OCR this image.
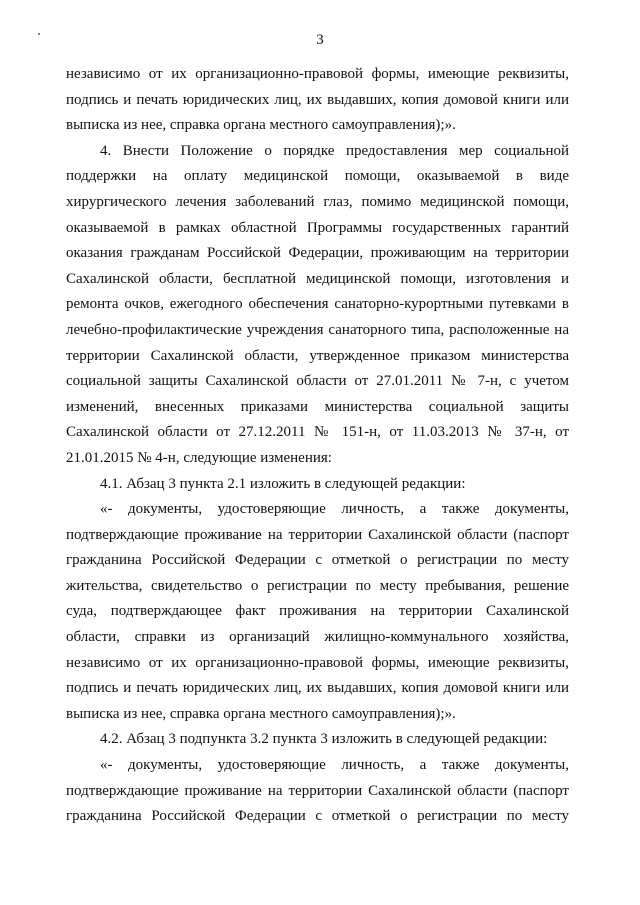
3

независимо от их организационно-правовой формы, имеющие реквизиты,

подпись и печать юридических лиц, их выдавших, копия домовой книги или

выписка из нее, справка органа местного самоуправления);».

4. Внести Положение о порядке предоставления мер социальной

поддержки на оплату медицинской помощи, оказываемой в виде

хирургического лечения заболеваний глаз, помимо медицинской помощи,

оказываемой в рамках областной Программы государственных гарантий

оказания гражданам Российской Федерации, проживающим на территории

Сахалинской области, бесплатной медицинской помощи, изготовления и

ремонта очков, ежегодного обеспечения санаторно-курортными путевками в

лечебно-профилактические учреждения санаторного типа, расположенные на

территории Сахалинской области, утвержденное приказом министерства

социальной защиты Сахалинской области от 27.01.2011 № 7-н, с учетом

изменений, внесенных приказами министерства социальной защиты

Сахалинской области от 27.12.2011 № 151-н, от 11.03.2013 № 37-н, от

21.01.2015 № 4-н, следующие изменения:

4.1. Абзац 3 пункта 2.1 изложить в следующей редакции:

«- документы, удостоверяющие личность, а также документы,

подтверждающие проживание на территории Сахалинской области (паспорт

гражданина Российской Федерации с отметкой о регистрации по месту

жительства, свидетельство о регистрации по месту пребывания, решение

суда, подтверждающее факт проживания на территории Сахалинской

области, справки из организаций жилищно-коммунального хозяйства,

независимо от их организационно-правовой формы, имеющие реквизиты,

подпись и печать юридических лиц, их выдавших, копия домовой книги или

выписка из нее, справка органа местного самоуправления);».

4.2. Абзац 3 подпункта 3.2 пункта 3 изложить в следующей редакции:

«- документы, удостоверяющие личность, а также документы,

подтверждающие проживание на территории Сахалинской области (паспорт

гражданина Российской Федерации с отметкой о регистрации по месту
